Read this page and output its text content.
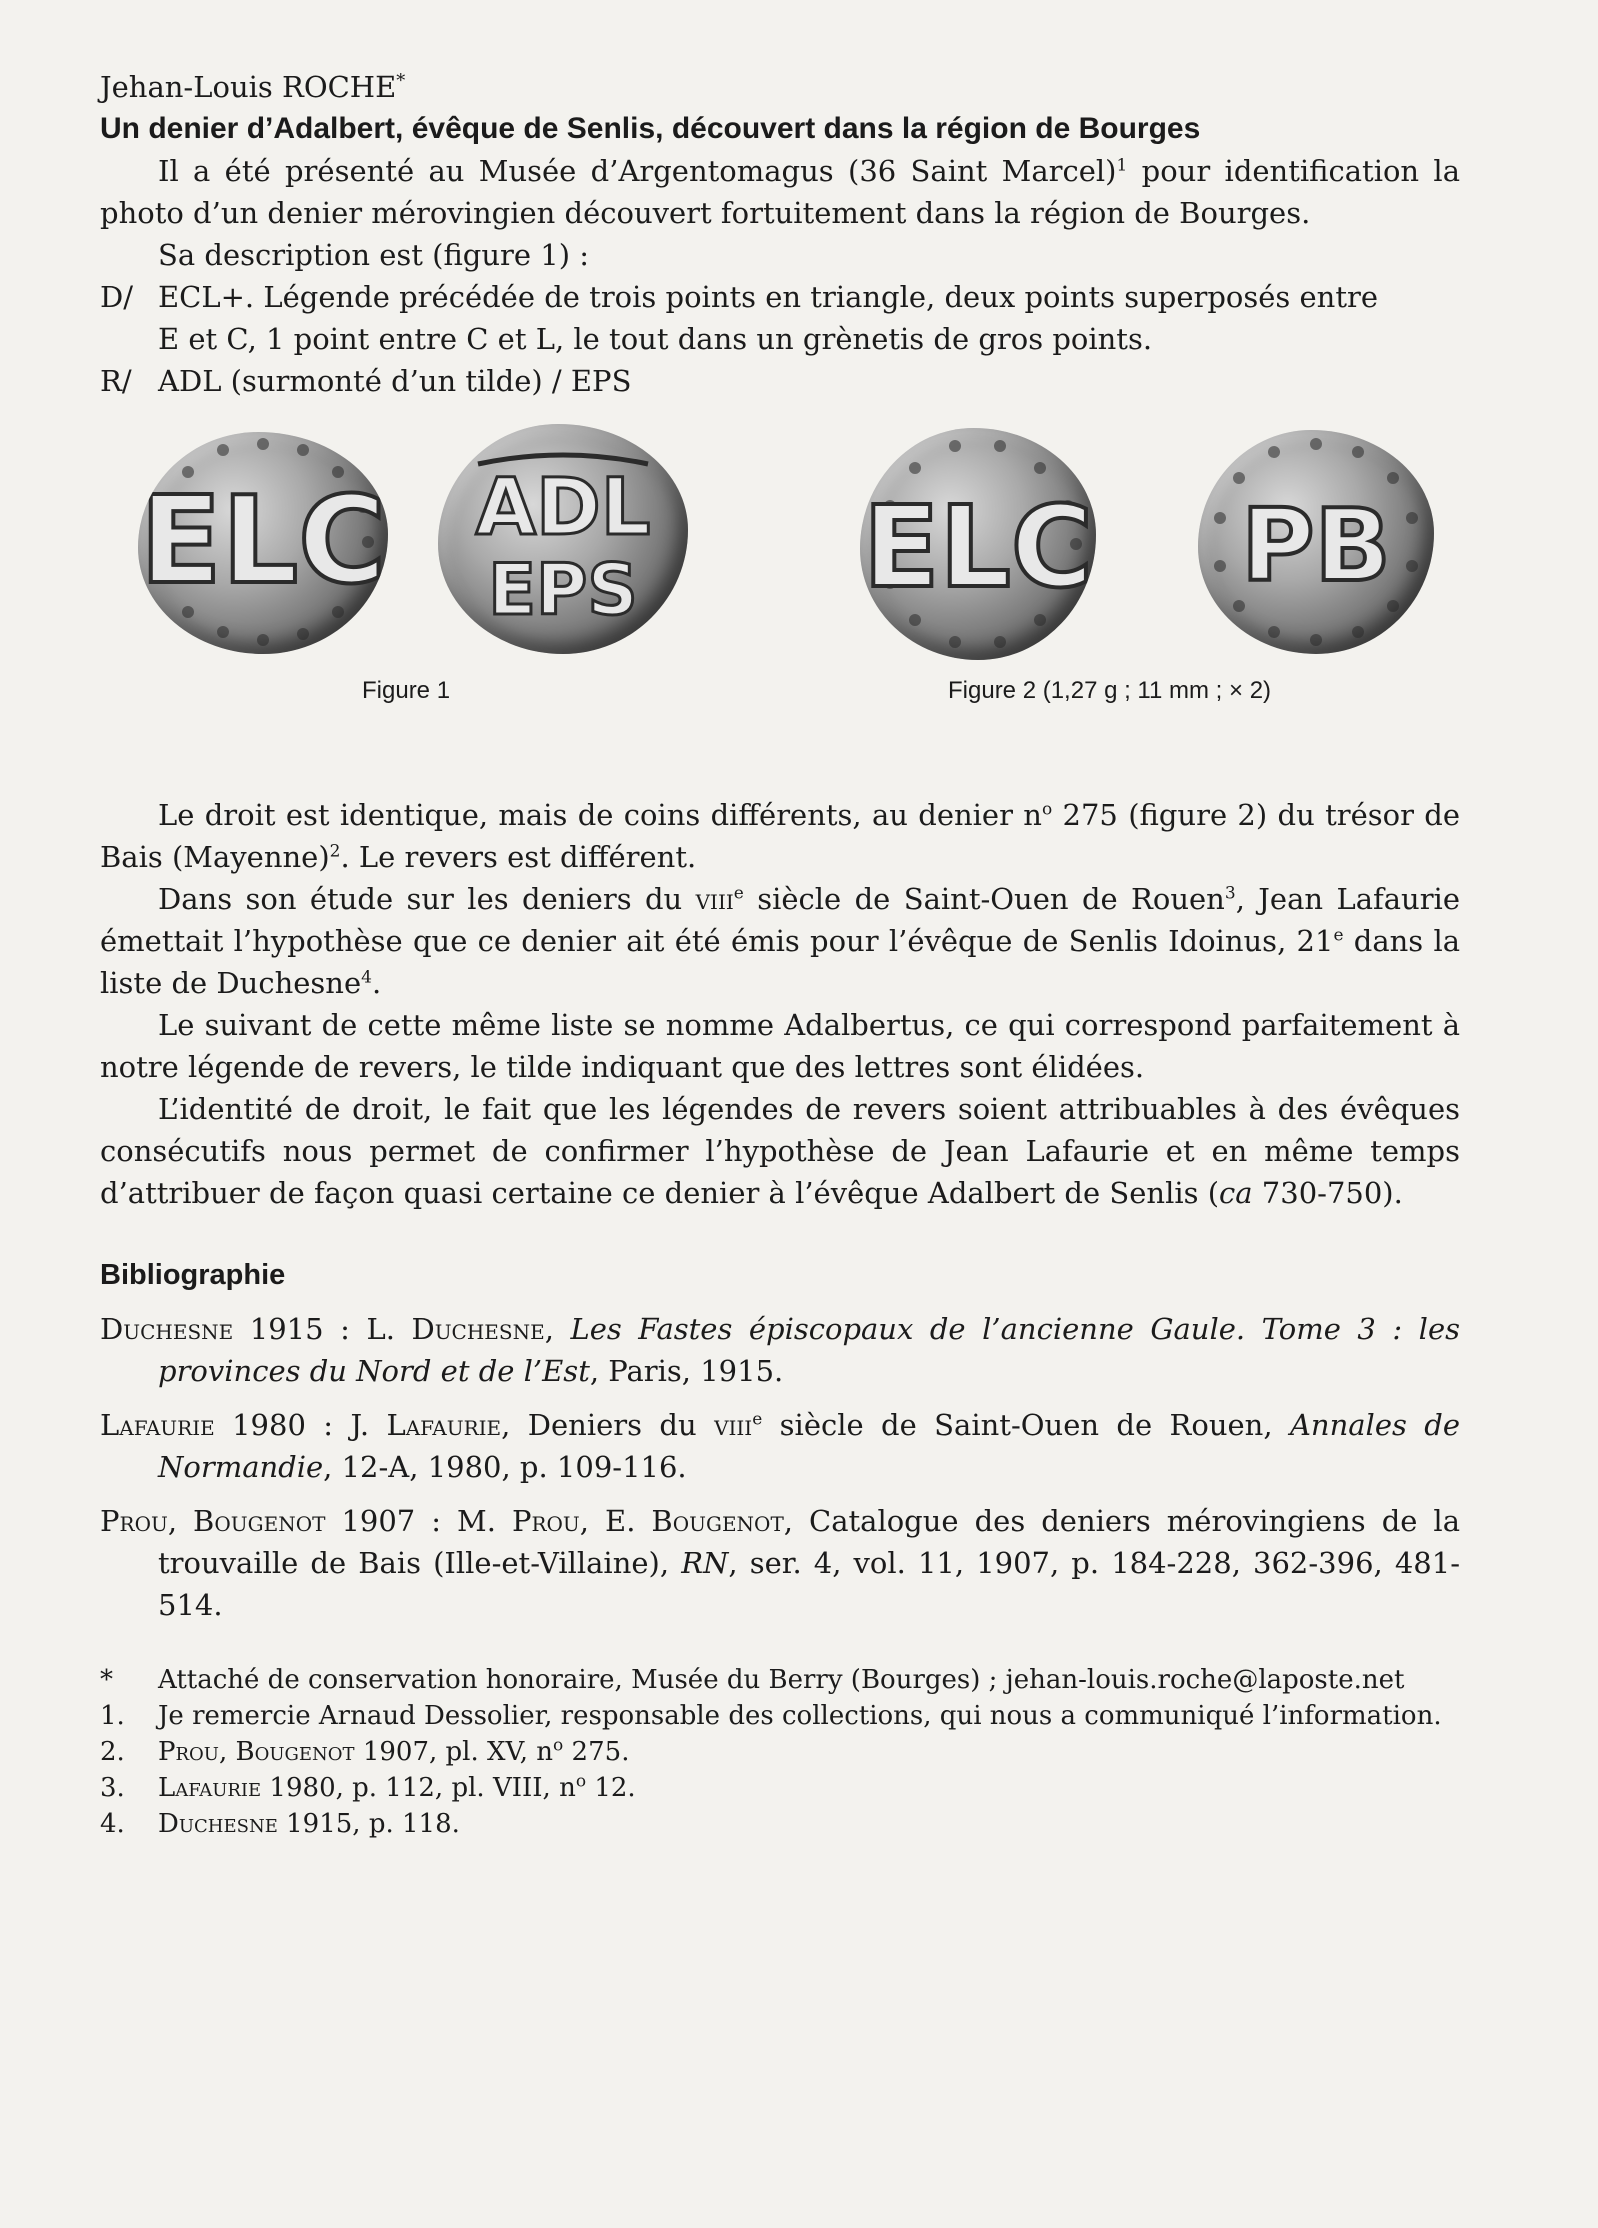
Jehan-Louis ROCHE*
Un denier d’Adalbert, évêque de Senlis, découvert dans la région de Bourges

Il a été présenté au Musée d’Argentomagus (36 Saint Marcel)$^1$ pour identification la photo d’un denier mérovingien découvert fortuitement dans la région de Bourges.

Sa description est (figure 1) :
D/ ECL+. Légende précédée de trois points en triangle, deux points superposés entre
E et C, 1 point entre C et L, le tout dans un grènetis de gros points.
R/ ADL (surmonté d’un tilde) / EPS
ELC ADL
EPS ELC PB
Figure 1	Figure 2 (1,27 g ; 11 mm ; × 2)

Le droit est identique, mais de coins différents, au denier $n^o$ 275 (figure 2) du trésor de Bais (Mayenne)$^2$. Le revers est différent.

Dans son étude sur les deniers du viii$^e$ siècle de Saint-Ouen de Rouen$^3$, Jean Lafaurie émettait l’hypothèse que ce denier ait été émis pour l’évêque de Senlis Idoinus, 21e dans la liste de Duchesne$^4$.

Le suivant de cette même liste se nomme Adalbertus, ce qui correspond parfaitement à notre légende de revers, le tilde indiquant que des lettres sont élidées.

L’identité de droit, le fait que les légendes de revers soient attribuables à des évêques consécutifs nous permet de confirmer l’hypothèse de Jean Lafaurie et en même temps d’attribuer de façon quasi certaine ce denier à l’évêque Adalbert de Senlis (ca 730-750).

Bibliographie
Duchesne 1915 : L. Duchesne, Les Fastes épiscopaux de l’ancienne Gaule. Tome 3 : les provinces du Nord et de l’Est, Paris, 1915.
Lafaurie 1980 : J. Lafaurie, Deniers du viii$^e$ siècle de Saint-Ouen de Rouen, Annales de Normandie, 12-A, 1980, p. 109-116.
Prou, Bougenot 1907 : M. Prou, E. Bougenot, Catalogue des deniers mérovingiens de la trouvaille de Bais (Ille-et-Villaine), RN, ser. 4, vol. 11, 1907, p. 184-228, 362-396, 481-514.
*	Attaché de conservation honoraire, Musée du Berry (Bourges) ; jehan-louis.roche@laposte.net
1.	Je remercie Arnaud Dessolier, responsable des collections, qui nous a communiqué l’information.
2.	Prou, Bougenot 1907, pl. XV, $n^o$ 275.
3.	Lafaurie 1980, p. 112, pl. VIII, $n^o$ 12.
4.	Duchesne 1915, p. 118.
